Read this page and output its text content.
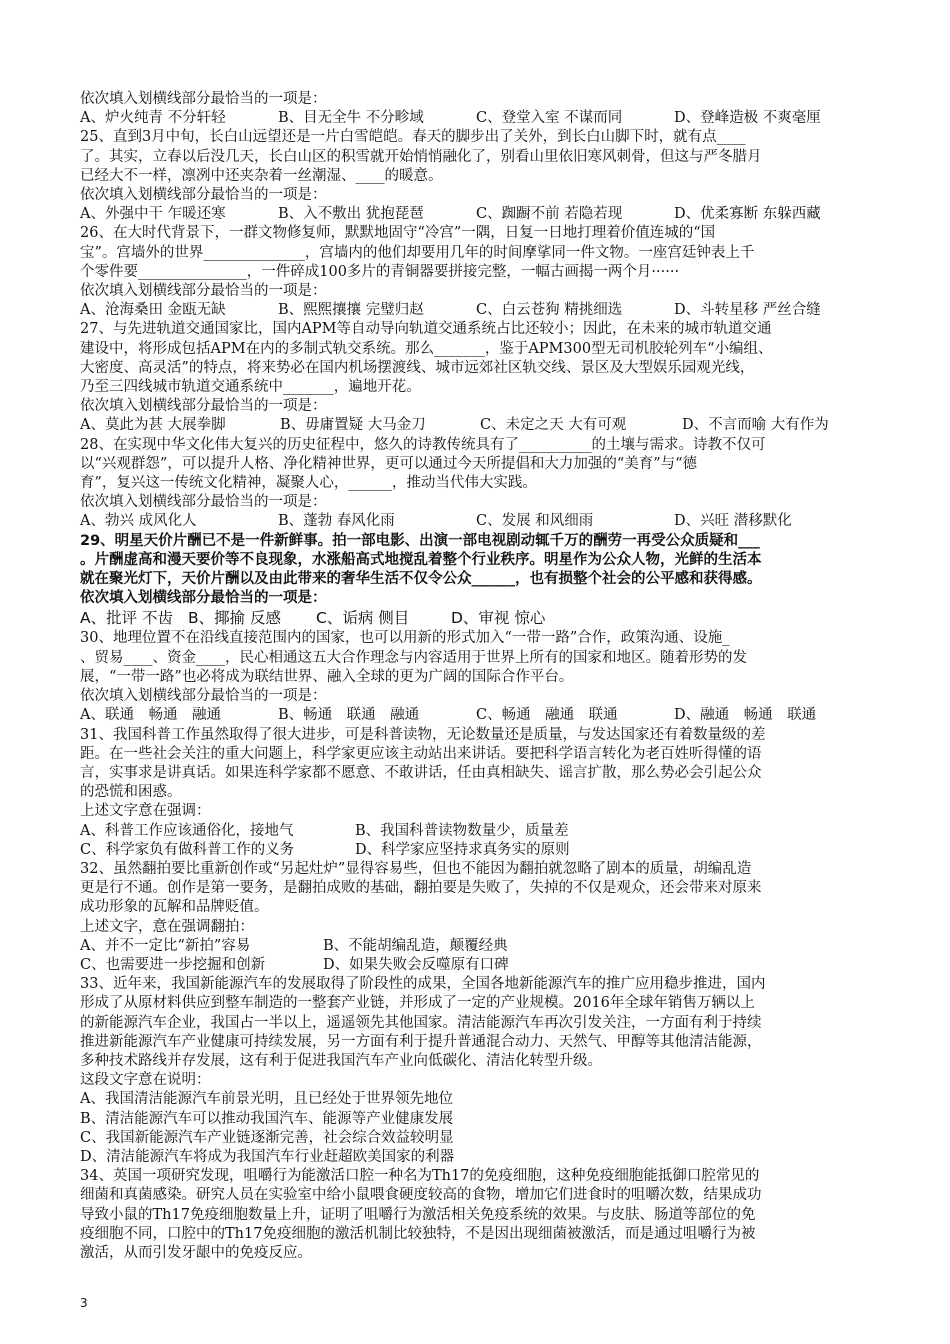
依次填入划横线部分最恰当的一项是：
A、炉火纯青 不分轩轻	B、目无全牛 不分畛域	C、登堂入室 不谋而同	D、登峰造极 不爽毫厘
25、直到3月中旬，长白山远望还是一片白雪皑皑。春天的脚步出了关外，到长白山脚下时，就有点____
了。其实，立春以后没几天，长白山区的积雪就开始悄悄融化了，别看山里依旧寒风刺骨，但这与严冬腊月
已经大不一样，凛冽中还夹杂着一丝潮湿、____的暖意。
依次填入划横线部分最恰当的一项是：
A、外强中干 乍暖还寒	B、入不敷出 犹抱琵琶	C、踟蹰不前 若隐若现	D、优柔寡断 东躲西藏
26、在大时代背景下，一群文物修复师，默默地固守“冷宫”一隅，日复一日地打理着价值连城的“国
宝”。宫墙外的世界______________，宫墙内的他们却要用几年的时间摩挲同一件文物。一座宫廷钟表上千
个零件要_______________，一件碎成100多片的青铜器要拼接完整，一幅古画揭一两个月······
依次填入划横线部分最恰当的一项是：
A、沧海桑田 金瓯无缺	B、熙熙攘攘 完璧归赵	C、白云苍狗 精挑细选	D、斗转星移 严丝合缝
27、与先进轨道交通国家比，国内APM等自动导向轨道交通系统占比还较小；因此，在未来的城市轨道交通
建设中，将形成包括APM在内的多制式轨交系统。那么_______，鉴于APM300型无司机胶轮列车“小编组、
大密度、高灵活”的特点，将来势必在国内机场摆渡线、城市远郊社区轨交线、景区及大型娱乐园观光线，
乃至三四线城市轨道交通系统中_______，遍地开花。
依次填入划横线部分最恰当的一项是：
A、莫此为甚 大展拳脚	B、毋庸置疑 大马金刀	C、未定之天 大有可观	D、不言而喻 大有作为
28、在实现中华文化伟大复兴的历史征程中，悠久的诗教传统具有了__________的土壤与需求。诗教不仅可
以“兴观群怨”，可以提升人格、净化精神世界，更可以通过今天所提倡和大力加强的“美育”与“德
育”，复兴这一传统文化精神，凝聚人心，______，推动当代伟大实践。
依次填入划横线部分最恰当的一项是：
A、勃兴 成风化人	B、蓬勃 春风化雨	C、发展 和风细雨	D、兴旺 潜移默化
29、明星天价片酬已不是一件新鲜事。拍一部电影、出演一部电视剧动辄千万的酬劳一再受公众质疑和___
。片酬虚高和漫天要价等不良现象，水涨船高式地搅乱着整个行业秩序。明星作为公众人物，光鲜的生活本
就在聚光灯下，天价片酬以及由此带来的奢华生活不仅令公众______，也有损整个社会的公平感和获得感。
依次填入划横线部分最恰当的一项是：
A、批评 不齿 B、揶揄 反感	C、诟病 侧目	D、审视 惊心
30、地理位置不在沿线直接范围内的国家，也可以用新的形式加入“一带一路”合作，政策沟通、设施_
、贸易____、资金____，民心相通这五大合作理念与内容适用于世界上所有的国家和地区。随着形势的发
展，“一带一路”也必将成为联结世界、融入全球的更为广阔的国际合作平台。
依次填入划横线部分最恰当的一项是：
A、联通　畅通　融通	B、畅通　联通　融通	C、畅通　融通　联通	D、融通　畅通　联通
31、我国科普工作虽然取得了很大进步，可是科普读物，无论数量还是质量，与发达国家还有着数量级的差
距。在一些社会关注的重大问题上，科学家更应该主动站出来讲话。要把科学语言转化为老百姓听得懂的语
言，实事求是讲真话。如果连科学家都不愿意、不敢讲话，任由真相缺失、谣言扩散，那么势必会引起公众
的恐慌和困惑。
上述文字意在强调：
A、科普工作应该通俗化，接地气	B、我国科普读物数量少，质量差
C、科学家负有做科普工作的义务	D、科学家应坚持求真务实的原则
32、虽然翻拍要比重新创作或“另起灶炉”显得容易些，但也不能因为翻拍就忽略了剧本的质量，胡编乱造
更是行不通。创作是第一要务，是翻拍成败的基础，翻拍要是失败了，失掉的不仅是观众，还会带来对原来
成功形象的瓦解和品牌贬值。
上述文字，意在强调翻拍：
A、并不一定比“新拍”容易	B、不能胡编乱造，颠覆经典
C、也需要进一步挖掘和创新	D、如果失败会反噬原有口碑
33、近年来，我国新能源汽车的发展取得了阶段性的成果，全国各地新能源汽车的推广应用稳步推进，国内
形成了从原材料供应到整车制造的一整套产业链，并形成了一定的产业规模。2016年全球年销售万辆以上
的新能源汽车企业，我国占一半以上，遥遥领先其他国家。清洁能源汽车再次引发关注，一方面有利于持续
推进新能源汽车产业健康可持续发展，另一方面有利于提升普通混合动力、天然气、甲醇等其他清洁能源，
多种技术路线并存发展，这有利于促进我国汽车产业向低碳化、清洁化转型升级。
这段文字意在说明：
A、我国清洁能源汽车前景光明，且已经处于世界领先地位
B、清洁能源汽车可以推动我国汽车、能源等产业健康发展
C、我国新能源汽车产业链逐渐完善，社会综合效益较明显
D、清洁能源汽车将成为我国汽车行业赶超欧美国家的利器
34、英国一项研究发现，咀嚼行为能激活口腔一种名为Th17的免疫细胞，这种免疫细胞能抵御口腔常见的
细菌和真菌感染。研究人员在实验室中给小鼠喂食硬度较高的食物，增加它们进食时的咀嚼次数，结果成功
导致小鼠的Th17免疫细胞数量上升，证明了咀嚼行为激活相关免疫系统的效果。与皮肤、肠道等部位的免
疫细胞不同，口腔中的Th17免疫细胞的激活机制比较独特，不是因出现细菌被激活，而是通过咀嚼行为被
激活，从而引发牙龈中的免疫反应。
3
